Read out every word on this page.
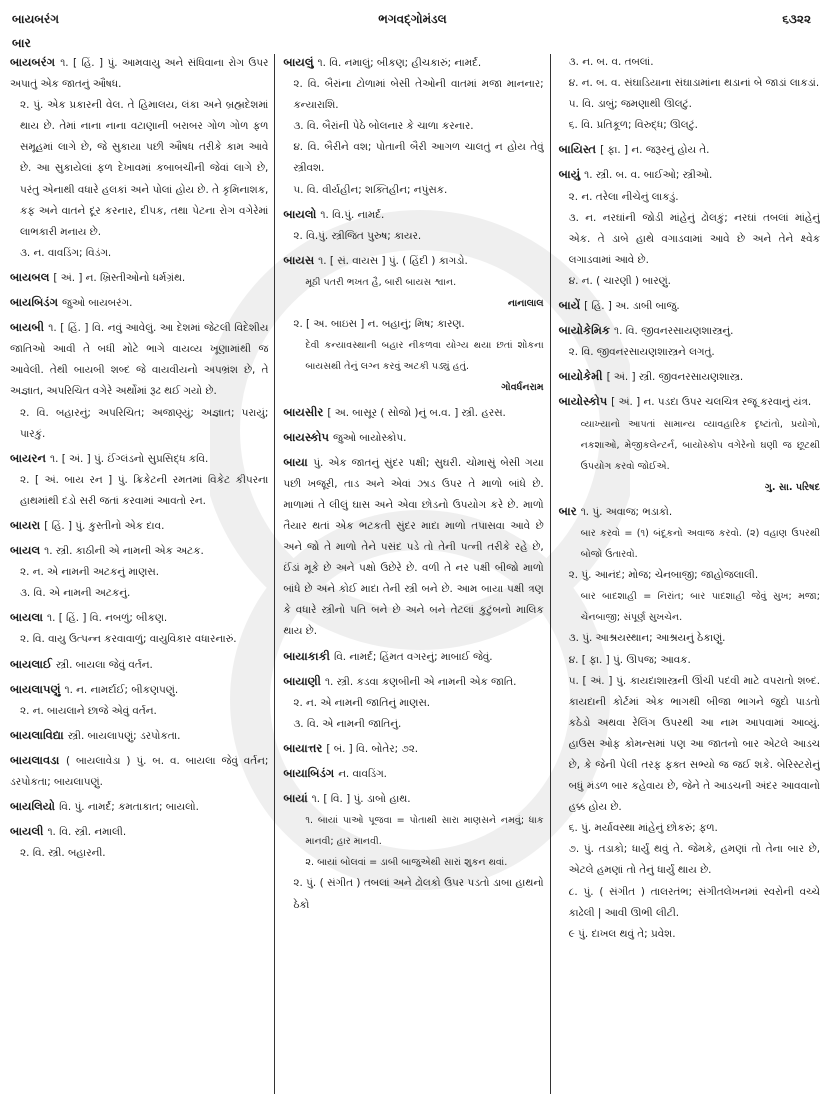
બાયબરંગ
બાર
ભગવદ્ગોમંડલ	૬૩૨૨
બાયબરંગ ૧. [ હિં. ] પું. આમવાયુ અને સંધિવાના રોગ ઉપર અપાતું એક જાતનું ઔષધ.
૨. પું. એક પ્રકારની વેલ. તે હિમાલય, લંકા અને બ્રહ્મદેશમાં થાય છે. તેમાં નાના નાના વટાણાની બરાબર ગોળ ગોળ ફળ સમૂહમાં લાગે છે, જે સુકાયા પછી ઔષધ તરીકે કામ આવે છે. આ સુકાયેલાં ફળ દેખાવમાં કબાબચીની જેવાં લાગે છે, પરંતુ એનાથી વધારે હલકાં અને પોલાં હોય છે. તે કૃમિનાશક, કફ અને વાતને દૂર કરનાર, દીપક, તથા પેટના રોગ વગેરેમાં લાભકારી મનાય છે.
૩. ન. વાવડિંગ; વિડંગ.
બાયબલ [ અં. ] ન. ખ્રિસ્તીઓનો ધર્મગ્રંથ.
બાયબિડંગ જુઓ બાયબરંગ.
બાયબી ૧. [ હિં. ] વિ. નવું આવેલું. આ દેશમાં જેટલી વિદેશીય જાતિઓ આવી તે બધી મોટે ભાગે વાયવ્ય ખૂણામાંથી જ આવેલી. તેથી બાયબી શબ્દ જે વાયવીયનો અપભ્રંશ છે, તે અજ્ઞાત, અપરિચિત વગેરે અર્થોમાં રૂઢ થઈ ગયો છે.
૨. વિ. બહારનું; અપરિચિત; અજાણ્યું; અજ્ઞાત; પરાયું; પારકું.
બાયરન ૧. [ અં. ] પું. ઈંગ્લંડનો સુપ્રસિદ્ધ કવિ.
૨. [ અં. બાય રન ] પું. ક્રિકેટની રમતમાં વિકેટ કીપરના હાથમાંથી દડો સરી જતાં કરવામાં આવતો રન.
બાયરા [ હિં. ] પું. કુસ્તીનો એક દાવ.
બાયલ ૧. સ્ત્રી. કાઠીની એ નામની એક અટક.
૨. ન. એ નામની અટકનું માણસ.
૩. વિ. એ નામની અટકનું.
બાયલા ૧. [ હિં. ] વિ. નબળું; બીકણ.
૨. વિ. વાયુ ઉત્પન્ન કરવાવાળું; વાયુવિકાર વધારનારું.
બાયલાઈ સ્ત્રી. બાયલા જેવું વર્તન.
બાયલાપણું ૧. ન. નામર્દાઈ; બીકણપણું.
૨. ન. બાયલાને છાજે એવું વર્તન.
બાયલાવિદ્યા સ્ત્રી. બાયલાપણું; ડરપોકતા.
બાયલાવડા ( બાયલાવેડા ) પું. બ. વ. બાયલા જેવું વર્તન; ડરપોકતા; બાયલાપણું.
બાયલિયો વિ. પું. નામર્દ; કમતાકાત; બાયલો.
બાયલી ૧. વિ. સ્ત્રી. નમાલી.
૨. વિ. સ્ત્રી. બહારની.
બાયલું ૧. વિ. નમાલું; બીકણ; હીચકારું; નામર્દ.
૨. વિ. બૈરાંના ટોળામાં બેસી તેઓની વાતમાં મજા માનનાર; કન્યારાશિ.
૩. વિ. બૈરાંની પેઠે બોલનાર કે ચાળા કરનાર.
૪. વિ. બૈરીને વશ; પોતાની બૈરી આગળ ચાલતું ન હોય તેવું સ્ત્રીવશ.
૫. વિ. વીર્યહીન; શક્તિહીન; નપુંસક.
બાયલો ૧. વિ.પું. નામર્દ.
૨. વિ.પું. સ્ત્રીજિત પુરુષ; કાયર.
બાયસ ૧. [ સં. વાયસ ] પું. ( હિંદી ) કાગડો.
મૂઠી પતરી ભખત હૈ, બારી બાયસ શ્વાન.
નાનાલાલ
૨. [ અ. બાઇસ ] ન. બહાનું; મિષ; કારણ.
દેવી કન્યાવસ્થાની બહાર નીકળવા યોગ્ય થયા છતાં શોકના બાયસથી તેનું લગ્ન કરવું અટકી પડ્યું હતું.
ગોવર્ધનરામ
બાયસીર [ અ. બાસૂર ( સોજો )નું બ.વ. ] સ્ત્રી. હરસ.
બાયસ્કોપ જુઓ બાયોસ્કોપ.
બાયા પું. એક જાતનું સુંદર પક્ષી; સુઘરી. ચોમાસું બેસી ગયા પછી ખજૂરી, તાડ અને એવાં ઝાડ ઉપર તે માળો બાંધે છે. માળામાં તે લીલું ઘાસ અને એવા છોડનો ઉપયોગ કરે છે. માળો તૈયાર થતાં એક ભટકતી સુંદર માદા માળો તપાસવા આવે છે અને જો તે માળો તેને પસંદ પડે તો તેની પત્ની તરીકે રહે છે, ઈંડાં મૂકે છે અને પક્ષો ઉછેરે છે. વળી તે નર પક્ષી બીજો માળો બાંધે છે અને કોઈ માદા તેની સ્ત્રી બને છે. આમ બાયા પક્ષી ત્રણ કે વધારે સ્ત્રીનો પતિ બને છે અને બને તેટલાં કુટુંબનો માલિક થાય છે.
બાયાકાકી વિ. નામર્દ; હિંમત વગરનું; માબાઈ જેવું.
બાયાણી ૧. સ્ત્રી. કડવા કણબીની એ નામની એક જાતિ.
૨. ન. એ નામની જાતિનું માણસ.
૩. વિ. એ નામની જાતિનું.
બાયાત્તર [ બં. ] વિ. બોતેર; ૭૨.
બાયાબિડંગ ન. વાવડિંગ.
બાયાં ૧. [ વિ. ] પું. ડાબો હાથ.
૧. બાયાં પાઓ પૂજવા = પોતાથી સારા માણસને નમવું; ધાક માનવી; હાર માનવી.
૨. બાયાં બોલવાં = ડાબી બાજુએથી સારાં શુકન થવાં.
૨. પું. ( સંગીત ) તબલાં અને ઢોલકો ઉપર પડતો ડાબા હાથનો ઠેકો
૩. ન. બ. વ. તબલાં.
૪. ન. બ. વ. સંઘાડિયાના સંઘાડામાંના થડાનાં બે જાડાં લાકડાં.
૫. વિ. ડાબું; જમણાથી ઊલટું.
૬. વિ. પ્રતિકૂળ; વિરુદ્ધ; ઊલટું.
બાયિસ્ત [ ફા. ] ન. જરૂરનું હોય તે.
બાયું ૧. સ્ત્રી. બ. વ. બાઈઓ; સ્ત્રીઓ.
૨. ન. તરેલા નીચેનું લાકડું.
૩. ન. નરઘાંની જોડી માંહેનું ઢોલકું; નરઘાં તબલાં માંહેનું એક. તે ડાબે હાથે વગાડવામાં આવે છે અને તેને ક્ષ્વેક લગાડવામાં આવે છે.
૪. ન. ( ચારણી ) બારણું.
બાયેં [ હિં. ] અ. ડાબી બાજુ.
બાયોકેમિક ૧. વિ. જીવનરસાયણશાસ્ત્રનું.
૨. વિ. જીવનરસાયણશાસ્ત્રને લગતું.
બાયોકેમી [ અં. ] સ્ત્રી. જીવનરસાયણશાસ્ત્ર.
બાયોસ્કોપ [ અં. ] ન. પડદા ઉપર ચલચિત્ર રજૂ કરવાનું યંત્ર.
વ્યાખ્યાનો આપતાં સામાન્ય વ્યાવહારિક દૃષ્ટાંતો, પ્રયોગો, નકશાઓ, મેજીકલેન્ટર્ન, બાયોસ્કોપ વગેરેનો ઘણી જ છૂટથી ઉપયોગ કરવો જોઈએ.
ગુ. સા. પરિષદ
બાર ૧. પું. અવાજ; ભડાકો.
બાર કરવો = (૧) બંદૂકનો અવાજ કરવો. (૨) વહાણ ઉપરથી બોજો ઉતારવો.
૨. પું. આનંદ; મોજ; ચેનબાજી; જાહોજલાલી.
બાર બાદશાહી = નિરાંત; બાર પાદશાહી જેવું સુખ; મજા; ચેનબાજી; સંપૂર્ણ સુખચેન.
૩. પું. આશ્રયસ્થાન; આશ્રયનું ઠેકાણું.
૪. [ ફા. ] પું. ઊપજ; આવક.
૫. [ અં. ] પું. કાયદાશાસ્ત્રની ઊંચી પદવી માટે વપરાતો શબ્દ. કાયદાની કોર્ટમાં એક ભાગથી બીજા ભાગને જુદો પાડતો કઠેડો અથવા રેલિંગ ઉપરથી આ નામ આપવામાં આવ્યું. હાઉસ ઓફ કોમન્સમાં પણ આ જાતનો બાર એટલે આડચ છે, કે જેની પેલી તરફ ફક્ત સભ્યો જ જઈ શકે. બેરિસ્ટરોનું બધું મંડળ બાર કહેવાય છે, જેને તે આડચની અંદર આવવાનો હક્ક હોય છે.
૬. પું. મર્યાવસ્થા માંહેનું છોકરું; ફળ.
૭. પું. તડાકો; ધાર્યું થવું તે. જેમકે, હમણાં તો તેના બાર છે, એટલે હમણાં તો તેનું ધાર્યું થાય છે.
૮. પું. ( સંગીત ) તાલરતંભ; સંગીતલેખનમાં સ્વરોની વચ્ચે કાઢેલી | આવી ઊભી લીટી.
૯ પું. દાખલ થવું તે; પ્રવેશ.
